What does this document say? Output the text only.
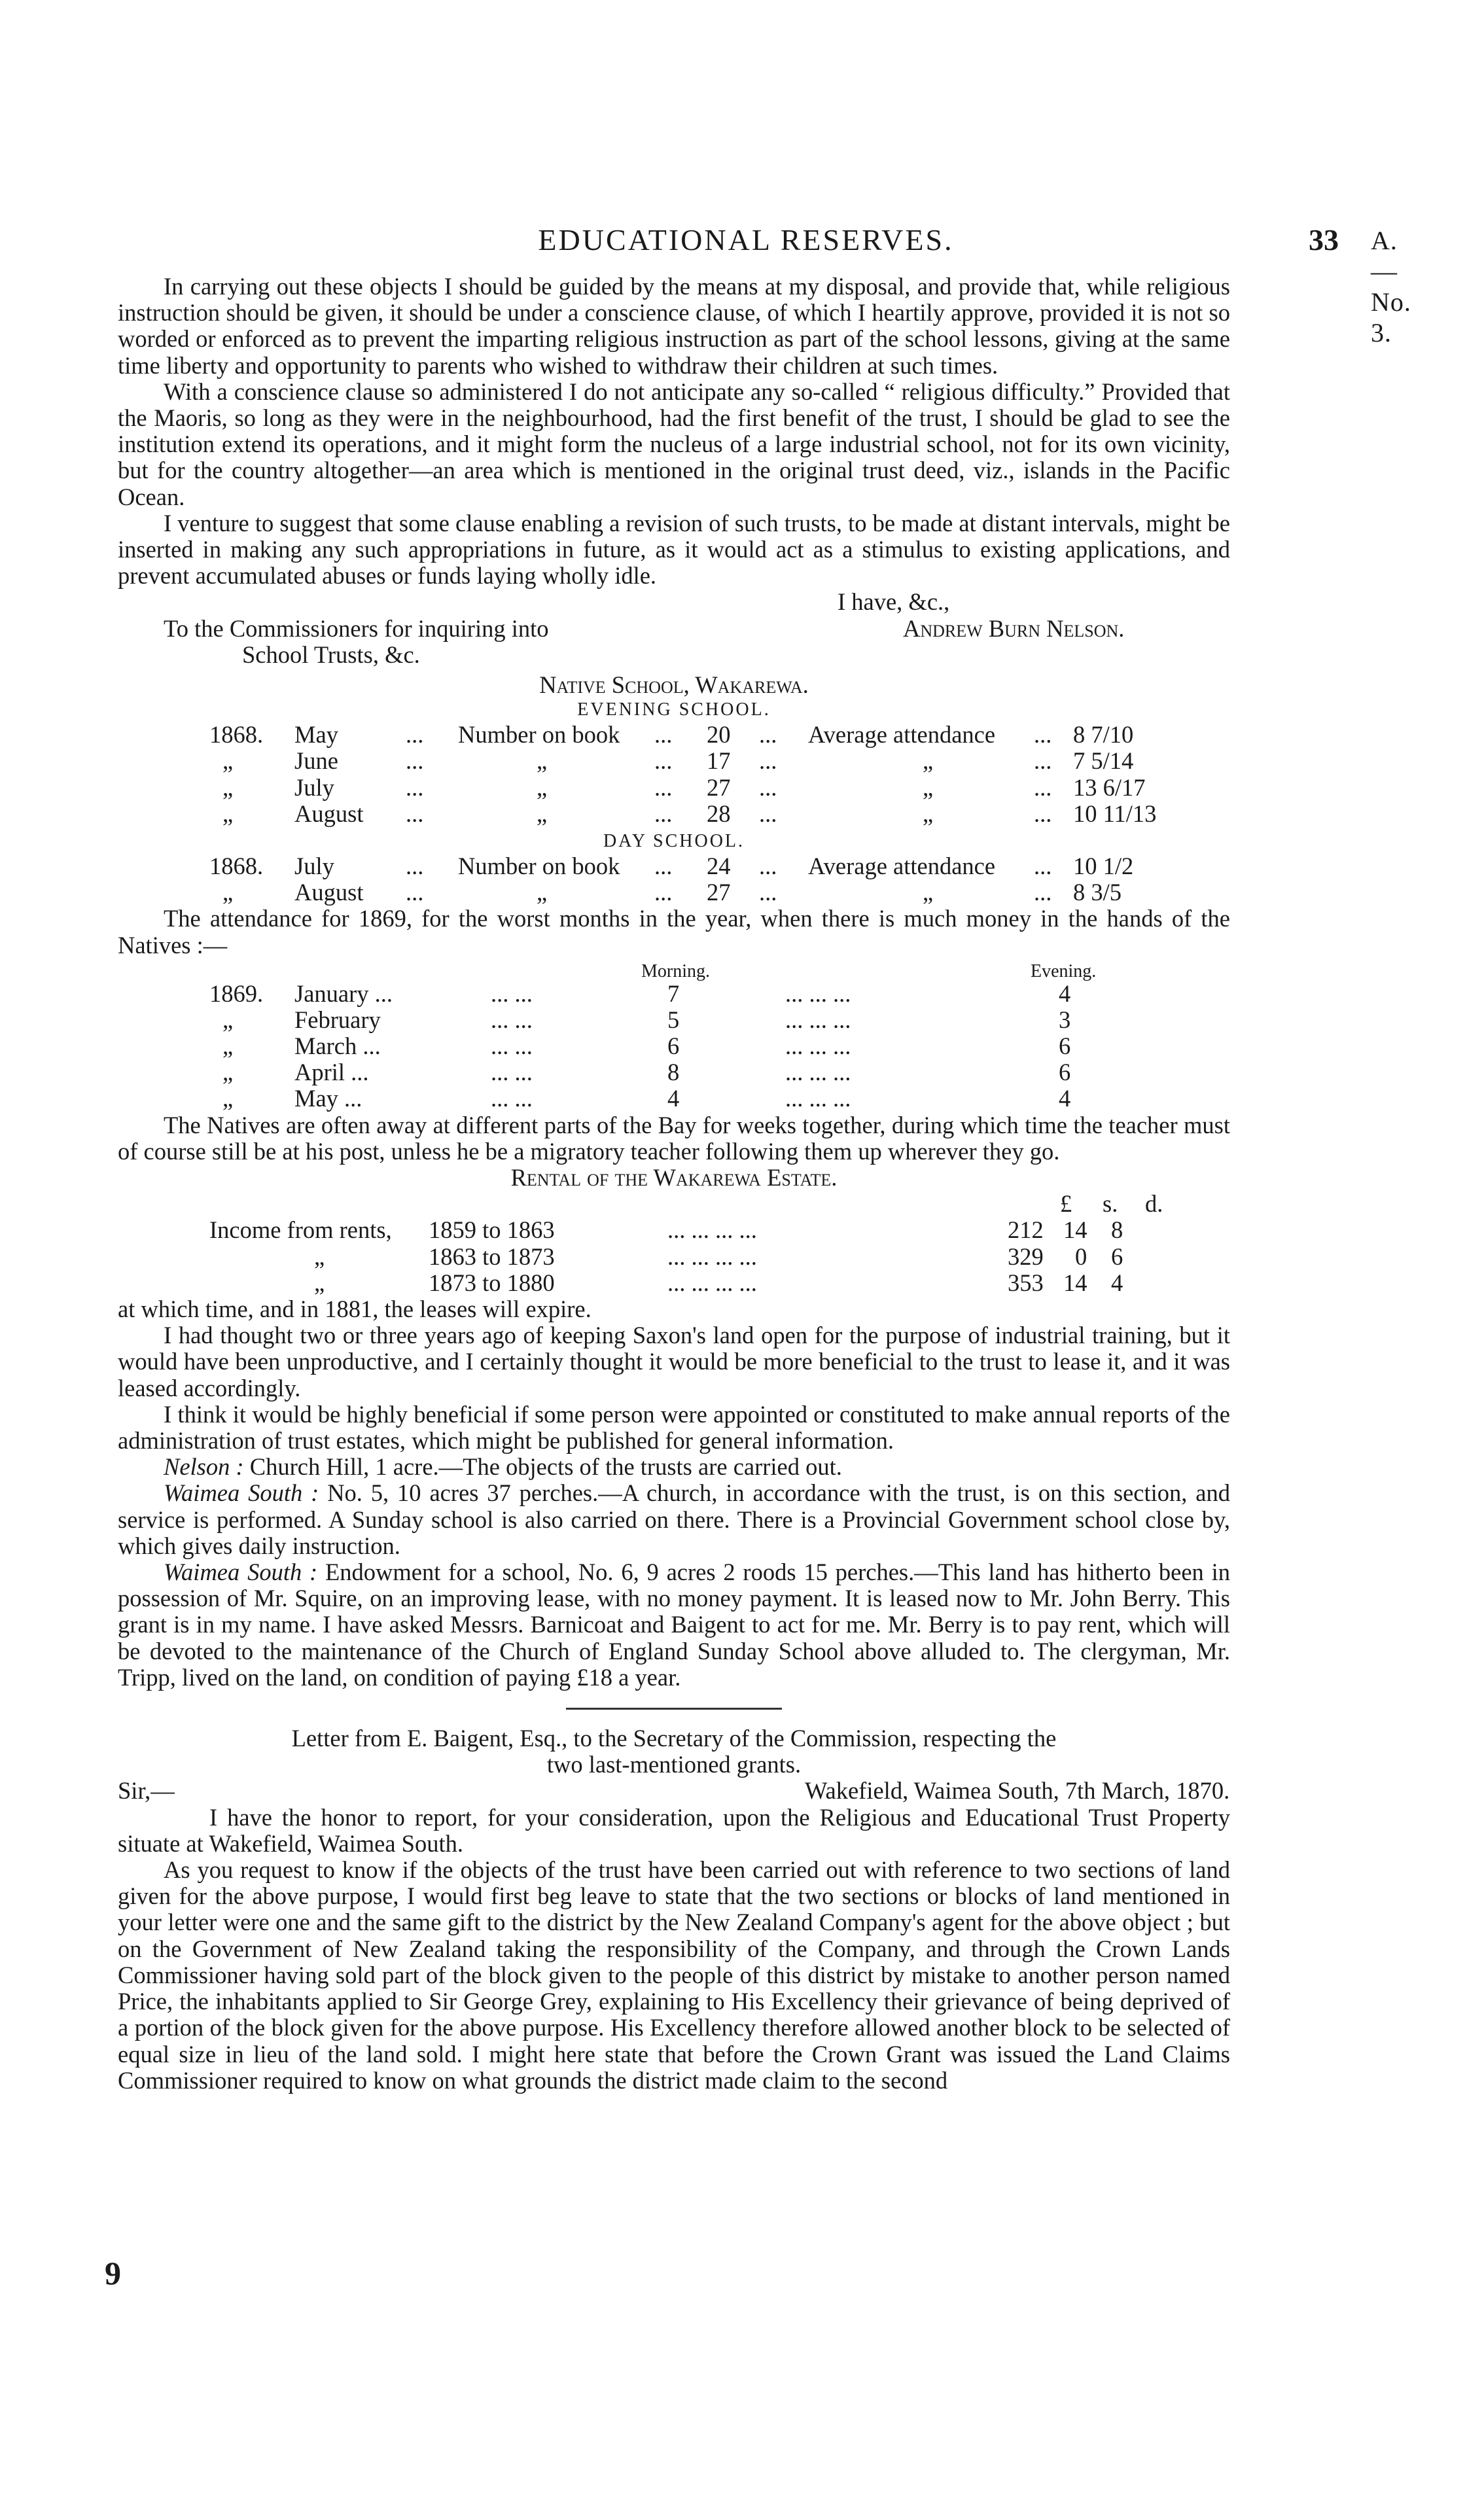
EDUCATIONAL RESERVES.	33 A.—No. 3.

In carrying out these objects I should be guided by the means at my disposal, and provide that, while religious instruction should be given, it should be under a conscience clause, of which I heartily approve, provided it is not so worded or enforced as to prevent the imparting religious instruction as part of the school lessons, giving at the same time liberty and opportunity to parents who wished to withdraw their children at such times.

With a conscience clause so administered I do not anticipate any so-called “ religious difficulty.” Provided that the Maoris, so long as they were in the neighbourhood, had the first benefit of the trust, I should be glad to see the institution extend its operations, and it might form the nucleus of a large industrial school, not for its own vicinity, but for the country altogether—an area which is mentioned in the original trust deed, viz., islands in the Pacific Ocean.

I venture to suggest that some clause enabling a revision of such trusts, to be made at distant intervals, might be inserted in making any such appropriations in future, as it would act as a stimulus to existing applications, and prevent accumulated abuses or funds laying wholly idle.

I have, &c.,
To the Commissioners for inquiring into	Andrew Burn Nelson.
School Trusts, &c.
Native School, Wakarewa.
EVENING SCHOOL.
1868. May	... Number on book ... 20 ... Average attendance ... 8 7/10
„	June	...	„	... 17 ...	„	... 7 5/14
„	July	...	„	... 27 ...	„	... 13 6/17
„	August ...	„	... 28 ...	„	... 10 11/13
DAY SCHOOL.
1868. July	... Number on book ... 24 ... Average attendance ... 10 1/2
„	August ...	„	... 27 ...	„	... 8 3/5

The attendance for 1869, for the worst months in the year, when there is much money in the hands of the Natives :—

Morning.	Evening.
1869. January ...	... ...	7	... ... ...	4
„	February	... ...	5	... ... ...	3
„	March ...	... ...	6	... ... ...	6
„	April ...	... ...	8	... ... ...	6
„	May ...	... ...	4	... ... ...	4

The Natives are often away at different parts of the Bay for weeks together, during which time the teacher must of course still be at his post, unless he be a migratory teacher following them up wherever they go.

Rental of the Wakarewa Estate.
£ s. d.
Income from rents, 1859 to 1863	... ... ... ...	212 14 8
„	1863 to 1873	... ... ... ...	329 0 6
„	1873 to 1880	... ... ... ...	353 14 4

at which time, and in 1881, the leases will expire.

I had thought two or three years ago of keeping Saxon's land open for the purpose of industrial training, but it would have been unproductive, and I certainly thought it would be more beneficial to the trust to lease it, and it was leased accordingly.

I think it would be highly beneficial if some person were appointed or constituted to make annual reports of the administration of trust estates, which might be published for general information.

Nelson : Church Hill, 1 acre.—The objects of the trusts are carried out.

Waimea South : No. 5, 10 acres 37 perches.—A church, in accordance with the trust, is on this section, and service is performed. A Sunday school is also carried on there. There is a Provincial Government school close by, which gives daily instruction.

Waimea South : Endowment for a school, No. 6, 9 acres 2 roods 15 perches.—This land has hitherto been in possession of Mr. Squire, on an improving lease, with no money payment. It is leased now to Mr. John Berry. This grant is in my name. I have asked Messrs. Barnicoat and Baigent to act for me. Mr. Berry is to pay rent, which will be devoted to the maintenance of the Church of England Sunday School above alluded to. The clergyman, Mr. Tripp, lived on the land, on condition of paying £18 a year.

Letter from E. Baigent, Esq., to the Secretary of the Commission, respecting the
two last-mentioned grants.
Sir,—	Wakefield, Waimea South, 7th March, 1870.

I have the honor to report, for your consideration, upon the Religious and Educational Trust Property situate at Wakefield, Waimea South.

As you request to know if the objects of the trust have been carried out with reference to two sections of land given for the above purpose, I would first beg leave to state that the two sections or blocks of land mentioned in your letter were one and the same gift to the district by the New Zealand Company's agent for the above object ; but on the Government of New Zealand taking the responsibility of the Company, and through the Crown Lands Commissioner having sold part of the block given to the people of this district by mistake to another person named Price, the inhabitants applied to Sir George Grey, explaining to His Excellency their grievance of being deprived of a portion of the block given for the above purpose. His Excellency therefore allowed another block to be selected of equal size in lieu of the land sold. I might here state that before the Crown Grant was issued the Land Claims Commissioner required to know on what grounds the district made claim to the second

9
